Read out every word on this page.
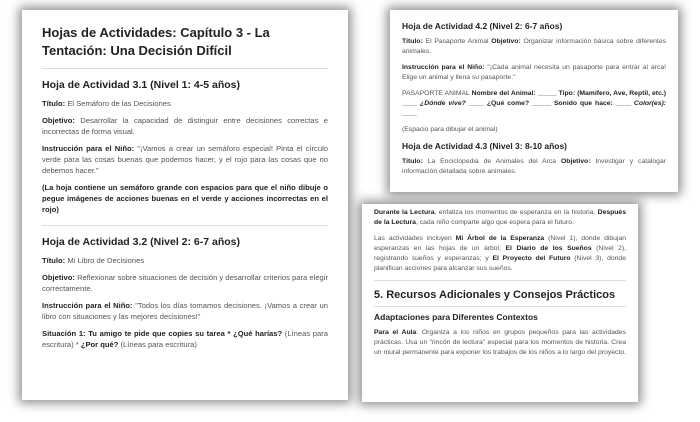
Hojas de Actividades: Capítulo 3 - La Tentación: Una Decisión Difícil
Hoja de Actividad 3.1 (Nivel 1: 4-5 años)

Título: El Semáforo de las Decisiones

Objetivo: Desarrollar la capacidad de distinguir entre decisiones correctas e incorrectas de forma visual.

Instrucción para el Niño: "¡Vamos a crear un semáforo especial! Pinta el círculo verde para las cosas buenas que podemos hacer, y el rojo para las cosas que no debemos hacer."

(La hoja contiene un semáforo grande con espacios para que el niño dibuje o pegue imágenes de acciones buenas en el verde y acciones incorrectas en el rojo)

Hoja de Actividad 3.2 (Nivel 2: 6-7 años)

Título: Mi Libro de Decisiones

Objetivo: Reflexionar sobre situaciones de decisión y desarrollar criterios para elegir correctamente.

Instrucción para el Niño: "Todos los días tomamos decisiones. ¡Vamos a crear un libro con situaciones y las mejores decisiones!"

Situación 1: Tu amigo te pide que copies su tarea * ¿Qué harías? (Líneas para escritura) * ¿Por qué? (Líneas para escritura)

Durante la Lectura, enfatiza los momentos de esperanza en la historia. Después de la Lectura, cada niño comparte algo que espera para el futuro.

Las actividades incluyen Mi Árbol de la Esperanza (Nivel 1), donde dibujan esperanzas en las hojas de un árbol; El Diario de los Sueños (Nivel 2), registrando sueños y esperanzas; y El Proyecto del Futuro (Nivel 3), donde planifican acciones para alcanzar sus sueños.

5. Recursos Adicionales y Consejos Prácticos
Adaptaciones para Diferentes Contextos

Para el Aula: Organiza a los niños en grupos pequeños para las actividades prácticas. Usa un "rincón de lectura" especial para los momentos de historia. Crea un mural permanente para exponer los trabajos de los niños a lo largo del proyecto.

Hoja de Actividad 4.2 (Nivel 2: 6-7 años)

Título: El Pasaporte Animal Objetivo: Organizar información básica sobre diferentes animales.

Instrucción para el Niño: "¡Cada animal necesita un pasaporte para entrar al arca! Elige un animal y llena su pasaporte."

PASAPORTE ANIMAL Nombre del Animal: _____ Tipo: (Mamífero, Ave, Reptil, etc.) ____ ¿Dónde vive? ____ ¿Qué come? _____ Sonido que hace: ____ Color(es): ____

(Espacio para dibujar el animal)

Hoja de Actividad 4.3 (Nivel 3: 8-10 años)

Título: La Enciclopedia de Animales del Arca Objetivo: Investigar y catalogar información detallada sobre animales.
